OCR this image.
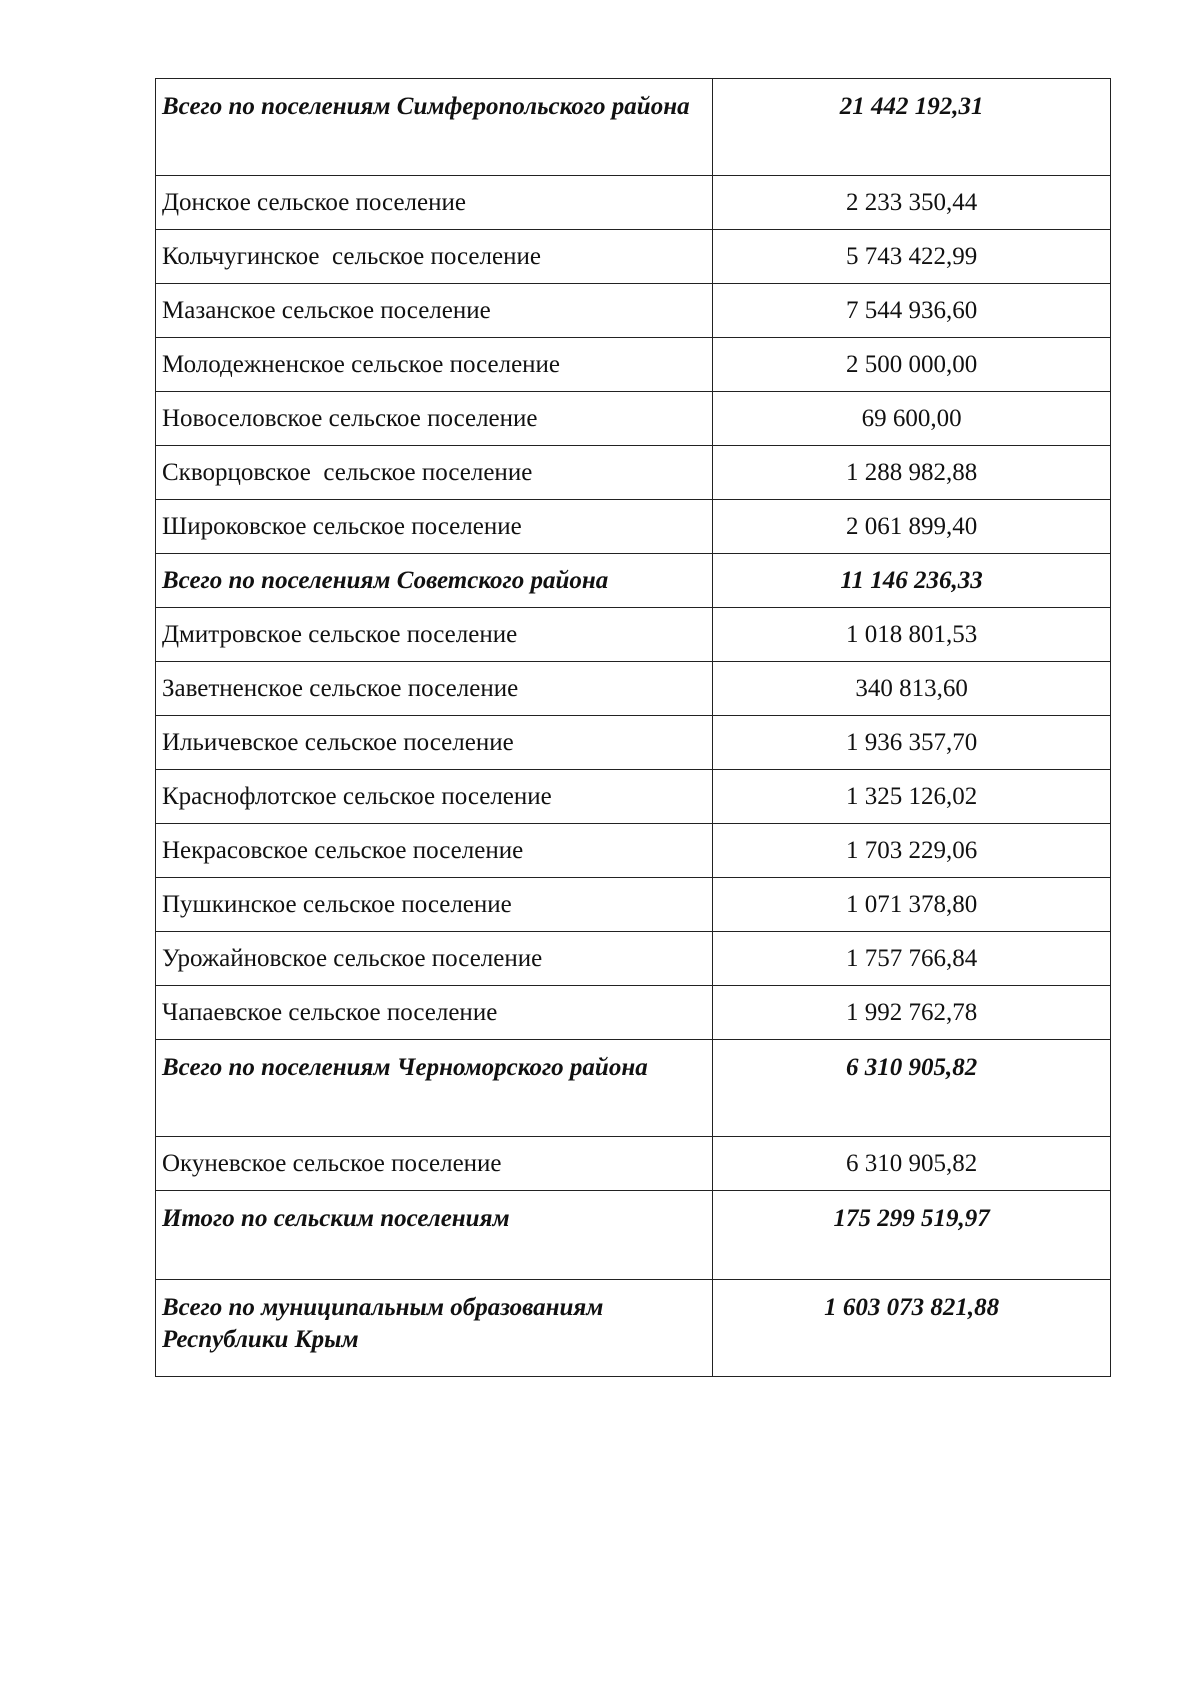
Всего по поселениям Симферопольского района	21 442 192,31
Донское сельское поселение	2 233 350,44
Кольчугинское  сельское поселение	5 743 422,99
Мазанское сельское поселение	7 544 936,60
Молодежненское сельское поселение	2 500 000,00
Новоселовское сельское поселение	69 600,00
Скворцовское  сельское поселение	1 288 982,88
Широковское сельское поселение	2 061 899,40
Всего по поселениям Советского района	11 146 236,33
Дмитровское сельское поселение	1 018 801,53
Заветненское сельское поселение	340 813,60
Ильичевское сельское поселение	1 936 357,70
Краснофлотское сельское поселение	1 325 126,02
Некрасовское сельское поселение	1 703 229,06
Пушкинское сельское поселение	1 071 378,80
Урожайновское сельское поселение	1 757 766,84
Чапаевское сельское поселение	1 992 762,78
Всего по поселениям Черноморского района	6 310 905,82
Окуневское сельское поселение	6 310 905,82
Итого по сельским поселениям	175 299 519,97
Всего по муниципальным образованиям Республики Крым	1 603 073 821,88
